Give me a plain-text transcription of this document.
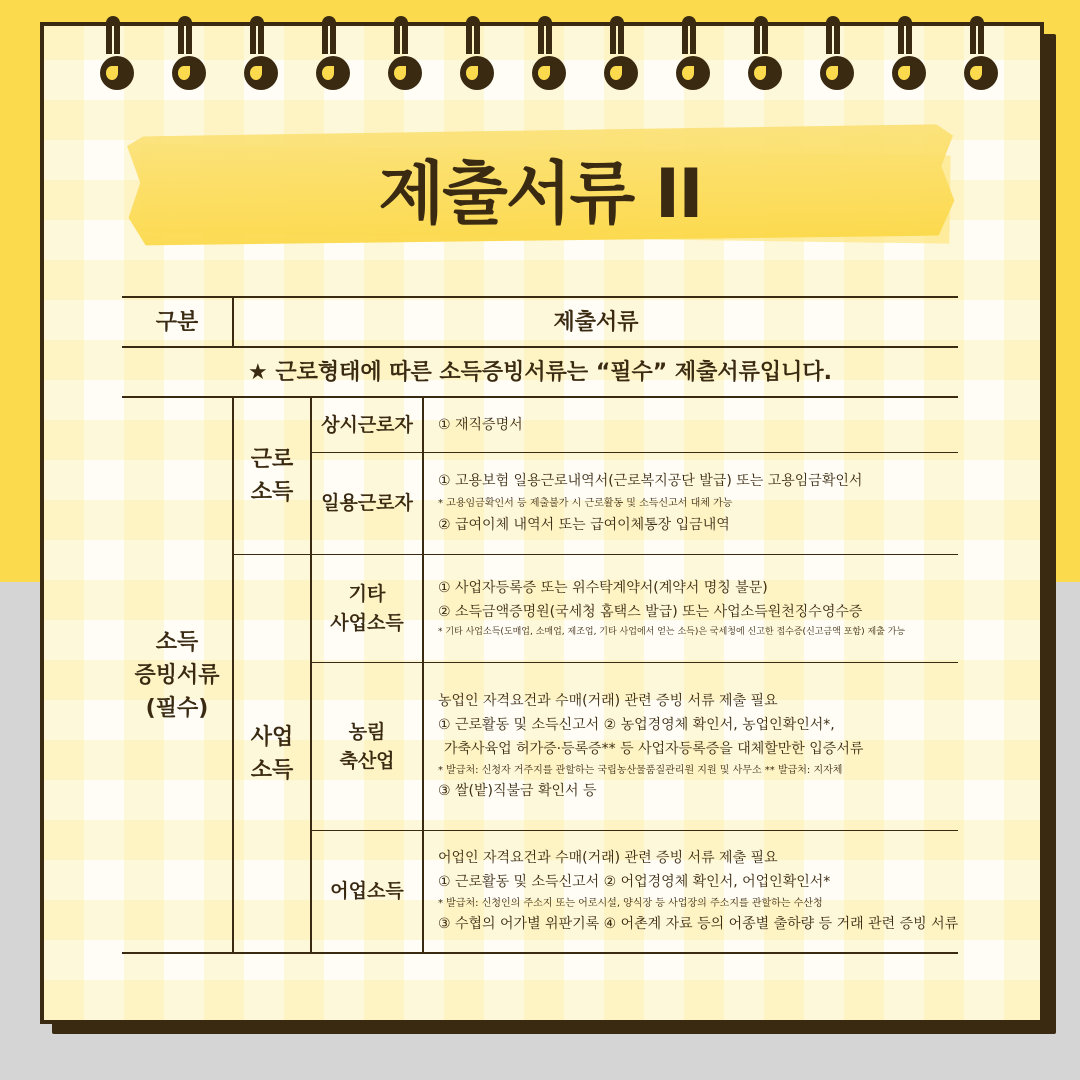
제출서류 II
구분	제출서류
★ 근로형태에 따른 소득증빙서류는 “필수” 제출서류입니다.
소득
증빙서류
(필수)
근로
소득
상시근로자	① 재직증명서
일용근로자
① 고용보험 일용근로내역서(근로복지공단 발급) 또는 고용임금확인서
* 고용임금확인서 등 제출불가 시 근로활동 및 소득신고서 대체 가능
② 급여이체 내역서 또는 급여이체통장 입금내역
사업
소득
기타
사업소득
① 사업자등록증 또는 위수탁계약서(계약서 명칭 불문)
② 소득금액증명원(국세청 홈택스 발급) 또는 사업소득원천징수영수증
* 기타 사업소득(도매업, 소매업, 제조업, 기타 사업에서 얻는 소득)은 국세청에 신고한 접수증(신고금액 포함) 제출 가능
농림
축산업
농업인 자격요건과 수매(거래) 관련 증빙 서류 제출 필요
① 근로활동 및 소득신고서 ② 농업경영체 확인서, 농업인확인서*,
가축사육업 허가증·등록증** 등 사업자등록증을 대체할만한 입증서류
* 발급처: 신청자 거주지를 관할하는 국립농산물품질관리원 지원 및 사무소 ** 발급처: 지자체
③ 쌀(밭)직불금 확인서 등
어업소득
어업인 자격요건과 수매(거래) 관련 증빙 서류 제출 필요
① 근로활동 및 소득신고서 ② 어업경영체 확인서, 어업인확인서*
* 발급처: 신청인의 주소지 또는 어로시설, 양식장 등 사업장의 주소지를 관할하는 수산청
③ 수협의 어가별 위판기록 ④ 어촌계 자료 등의 어종별 출하량 등 거래 관련 증빙 서류
